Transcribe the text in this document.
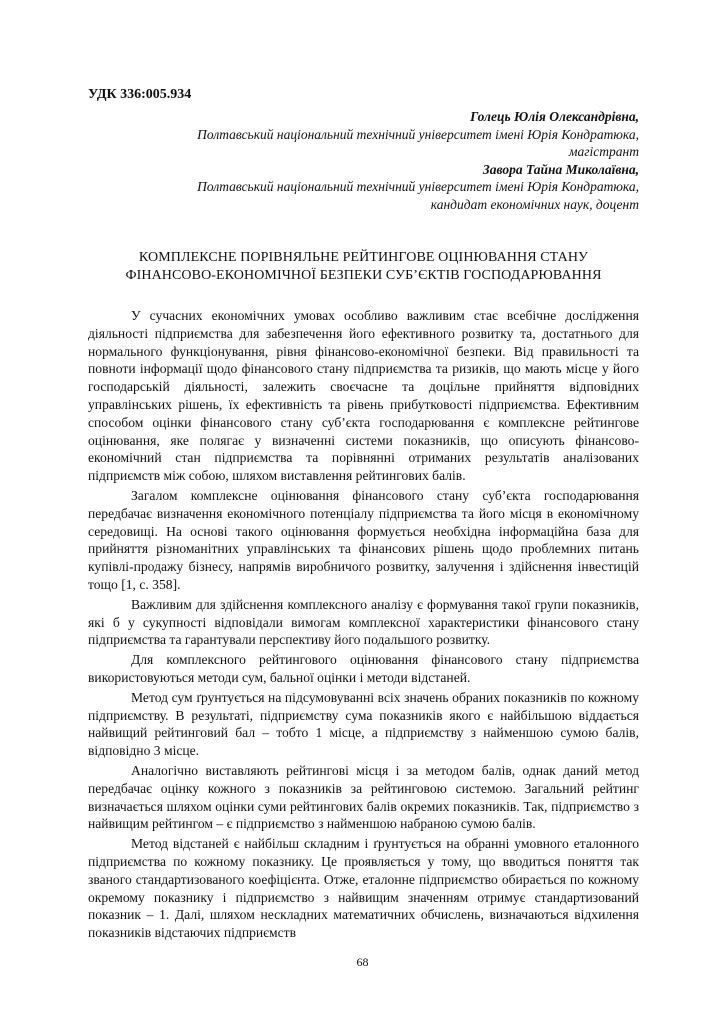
УДК 336:005.934
Голець Юлія Олександрівна,
Полтавський національний технічний університет імені Юрія Кондратюка,
магістрант
Завора Тайна Миколаївна,
Полтавський національний технічний університет імені Юрія Кондратюка,
кандидат економічних наук, доцент
КОМПЛЕКСНЕ ПОРІВНЯЛЬНЕ РЕЙТИНГОВЕ ОЦІНЮВАННЯ СТАНУ
ФІНАНСОВО-ЕКОНОМІЧНОЇ БЕЗПЕКИ СУБ’ЄКТІВ ГОСПОДАРЮВАННЯ

У сучасних економічних умовах особливо важливим стає всебічне дослідження діяльності підприємства для забезпечення його ефективного розвитку та, достатнього для нормального функціонування, рівня фінансово-економічної безпеки. Від правильності та повноти інформації щодо фінансового стану підприємства та ризиків, що мають місце у його господарській діяльності, залежить своєчасне та доцільне прийняття відповідних управлінських рішень, їх ефективність та рівень прибутковості підприємства. Ефективним способом оцінки фінансового стану суб’єкта господарювання є комплексне рейтингове оцінювання, яке полягає у визначенні системи показників, що описують фінансово-економічний стан підприємства та порівнянні отриманих результатів аналізованих підприємств між собою, шляхом виставлення рейтингових балів.

Загалом комплексне оцінювання фінансового стану суб’єкта господарювання передбачає визначення економічного потенціалу підприємства та його місця в економічному середовищі. На основі такого оцінювання формується необхідна інформаційна база для прийняття різноманітних управлінських та фінансових рішень щодо проблемних питань купівлі-продажу бізнесу, напрямів виробничого розвитку, залучення і здійснення інвестицій тощо [1, с. 358].

Важливим для здійснення комплексного аналізу є формування такої групи показників, які б у сукупності відповідали вимогам комплексної характеристики фінансового стану підприємства та гарантували перспективу його подальшого розвитку.

Для комплексного рейтингового оцінювання фінансового стану підприємства використовуються методи сум, бальної оцінки і методи відстаней.

Метод сум ґрунтується на підсумовуванні всіх значень обраних показників по кожному підприємству. В результаті, підприємству сума показників якого є найбільшою віддається найвищий рейтинговий бал – тобто 1 місце, а підприємству з найменшою сумою балів, відповідно 3 місце.

Аналогічно виставляють рейтингові місця і за методом балів, однак даний метод передбачає оцінку кожного з показників за рейтинговою системою. Загальний рейтинг визначається шляхом оцінки суми рейтингових балів окремих показників. Так, підприємство з найвищим рейтингом – є підприємство з найменшою набраною сумою балів.

Метод відстаней є найбільш складним і ґрунтується на обранні умовного еталонного підприємства по кожному показнику. Це проявляється у тому, що вводиться поняття так званого стандартизованого коефіцієнта. Отже, еталонне підприємство обирається по кожному окремому показнику і підприємство з найвищим значенням отримує стандартизований показник – 1. Далі, шляхом нескладних математичних обчислень, визначаються відхилення показників відстаючих підприємств

68
